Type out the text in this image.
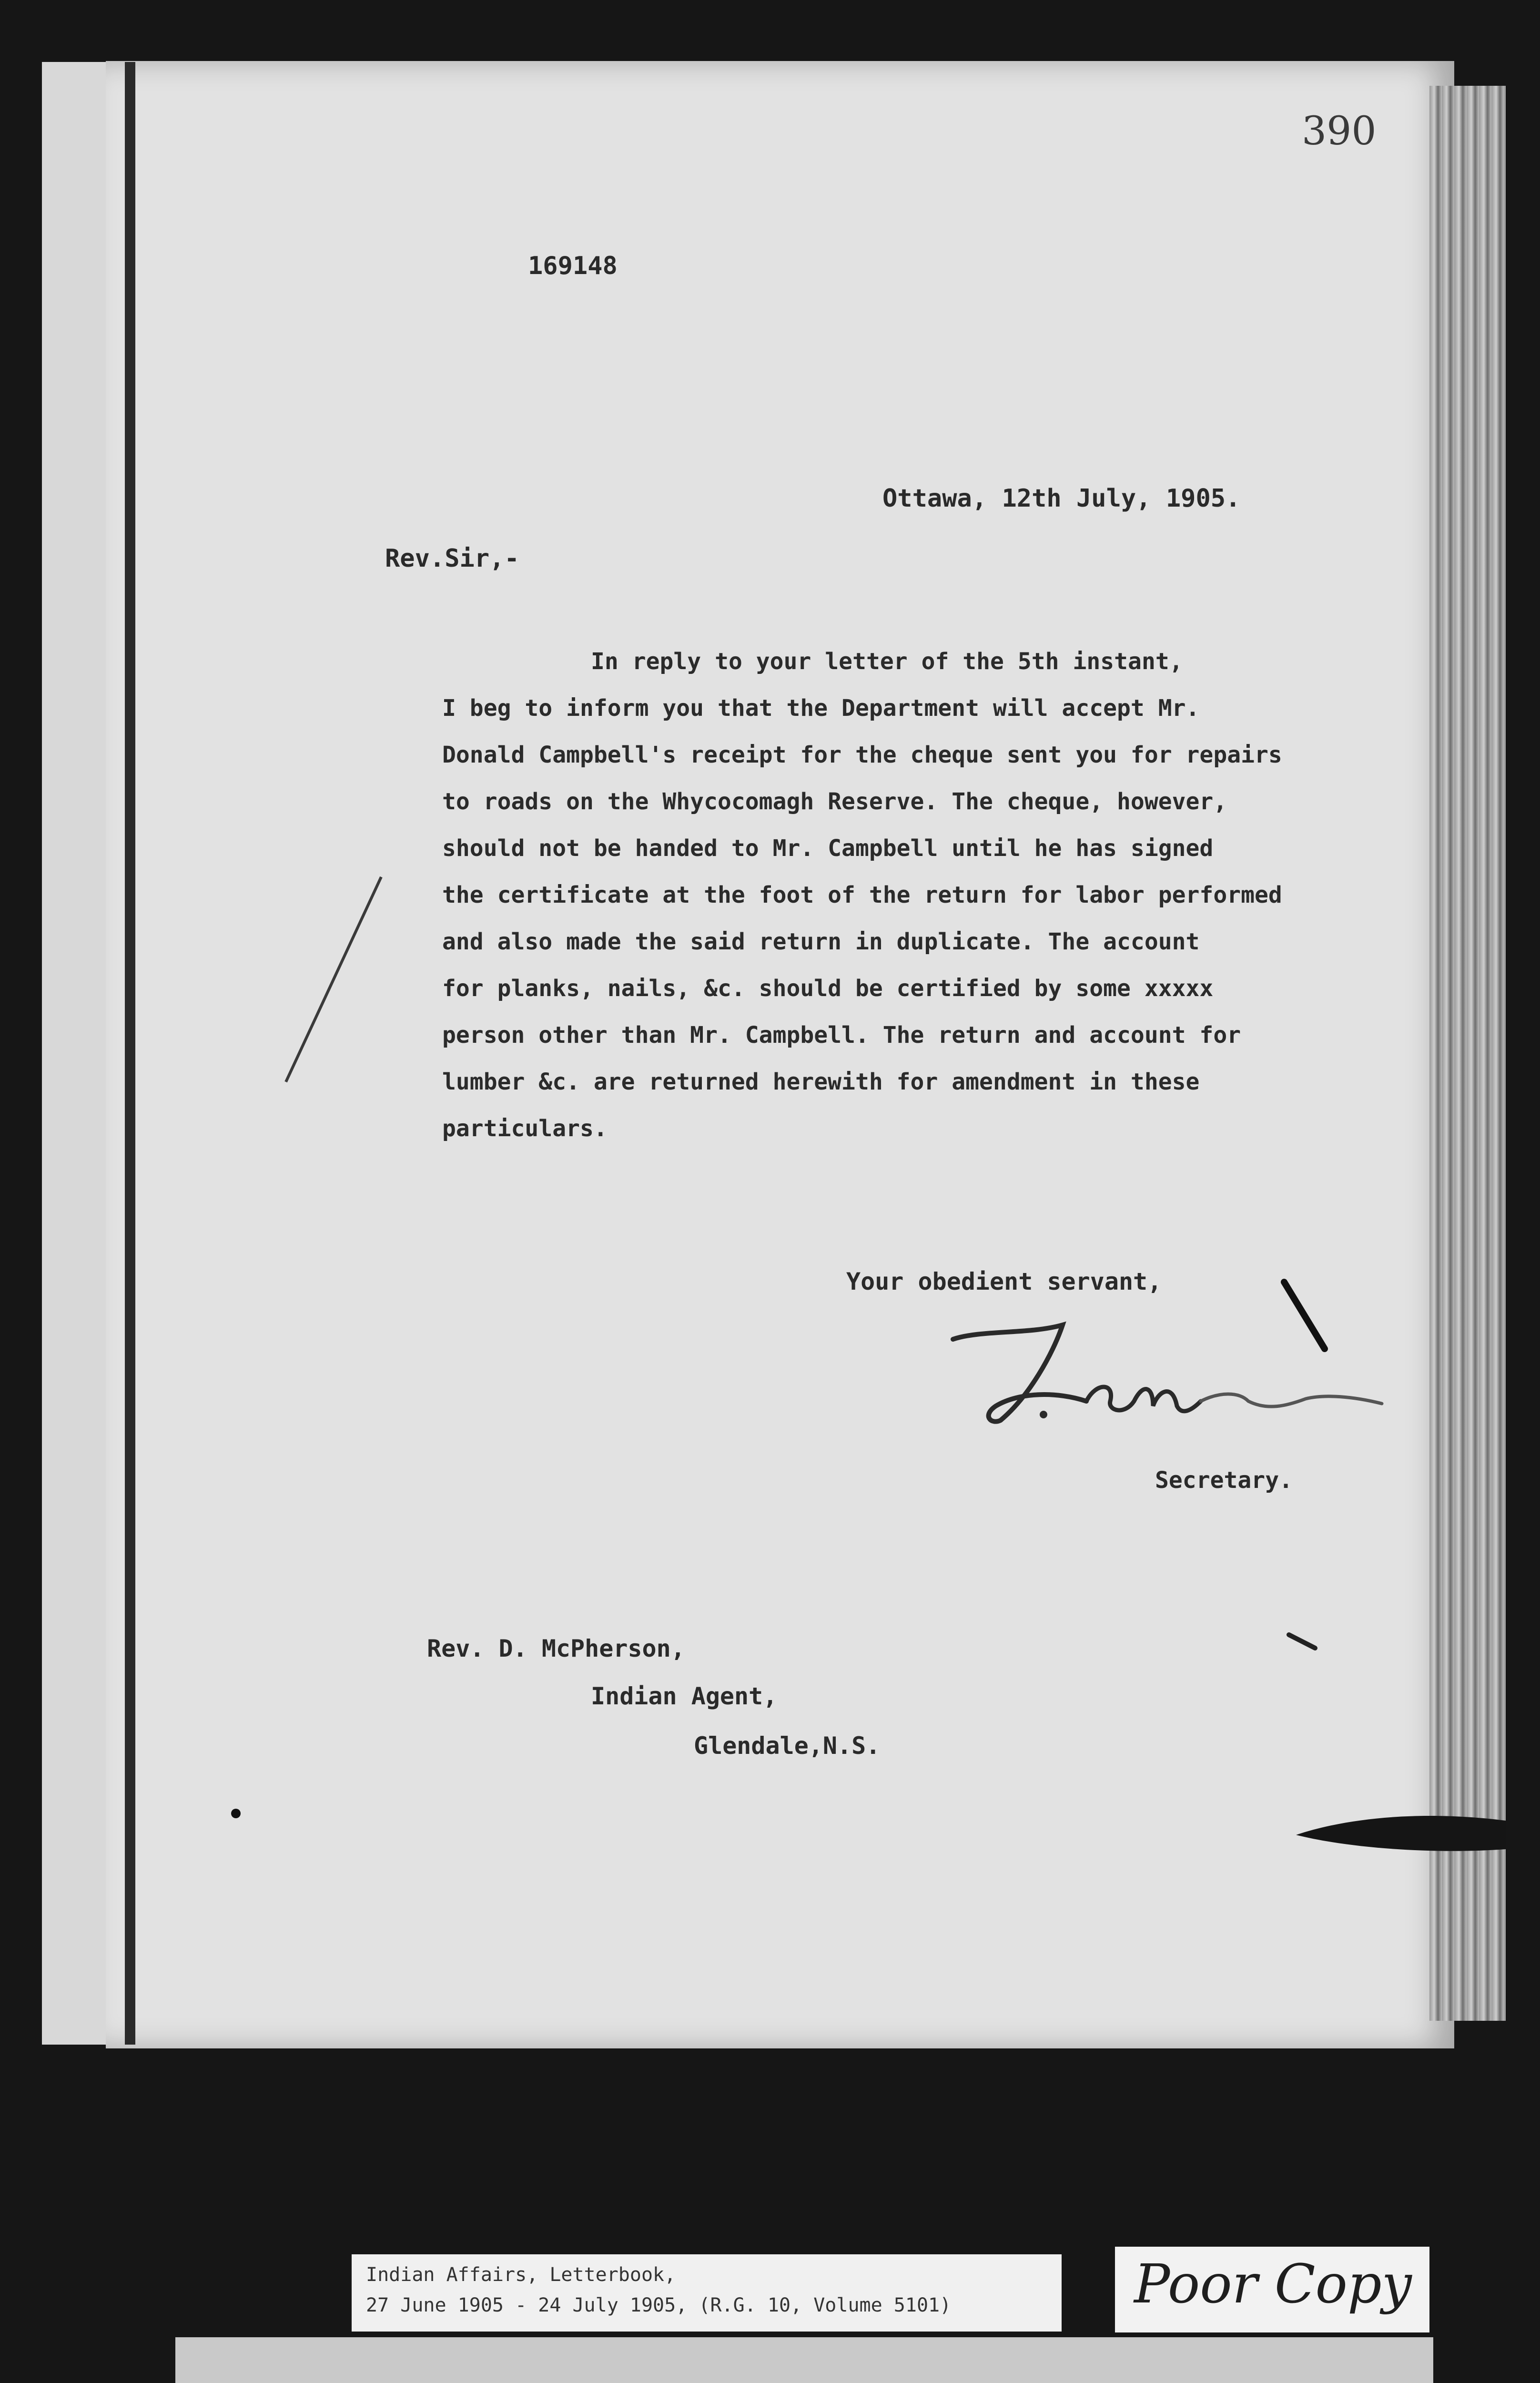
390
169148
Ottawa, 12th July, 1905.
Rev.Sir,-
In reply to your letter of the 5th instant,
I beg to inform you that the Department will accept Mr.
Donald Campbell's receipt for the cheque sent you for repairs
to roads on the Whycocomagh Reserve. The cheque, however,
should not be handed to Mr. Campbell until he has signed
the certificate at the foot of the return for labor performed
and also made the said return in duplicate. The account
for planks, nails, &c. should be certified by some xxxxx
person other than Mr. Campbell. The return and account for
lumber &c. are returned herewith for amendment in these
particulars.
Your obedient servant,
Secretary.
Rev. D. McPherson,
Indian Agent,
Glendale,N.S.
Indian Affairs, Letterbook,
27 June 1905 - 24 July 1905, (R.G. 10, Volume 5101)	Poor Copy
